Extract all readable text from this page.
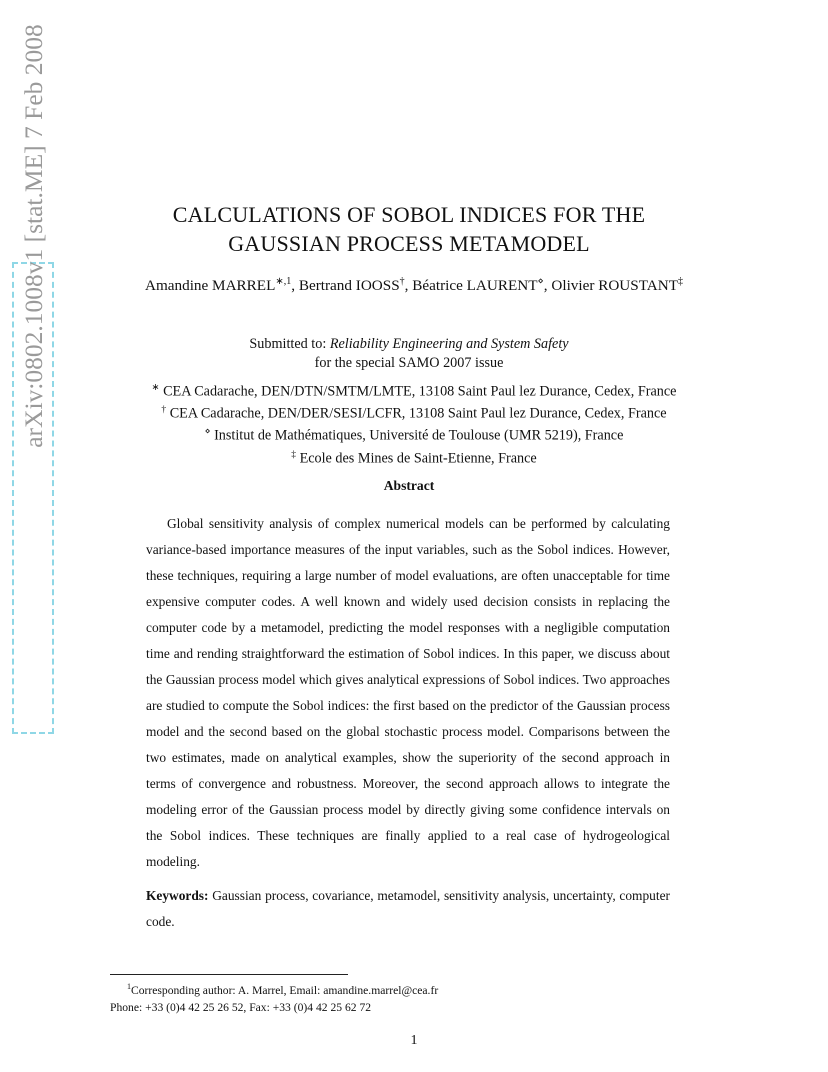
arXiv:0802.1008v1 [stat.ME] 7 Feb 2008	CALCULATIONS OF SOBOL INDICES FOR THE
GAUSSIAN PROCESS METAMODEL
Amandine $MARREL^{∗,1}$, Bertrand IOOSS†, Béatrice LAURENT⋄, Olivier ROUSTANT‡
Submitted to: Reliability Engineering and System Safety
for the special SAMO 2007 issue
∗ CEA Cadarache, DEN/DTN/SMTM/LMTE, 13108 Saint Paul lez Durance, Cedex, France
† CEA Cadarache, DEN/DER/SESI/LCFR, 13108 Saint Paul lez Durance, Cedex, France
⋄ Institut de Mathématiques, Université de Toulouse (UMR 5219), France
‡ Ecole des Mines de Saint-Etienne, France
Abstract

Global sensitivity analysis of complex numerical models can be performed by calculating variance-based importance measures of the input variables, such as the Sobol indices. However, these techniques, requiring a large number of model evaluations, are often unacceptable for time expensive computer codes. A well known and widely used decision consists in replacing the computer code by a metamodel, predicting the model responses with a negligible computation time and rending straightforward the estimation of Sobol indices. In this paper, we discuss about the Gaussian process model which gives analytical expressions of Sobol indices. Two approaches are studied to compute the Sobol indices: the first based on the predictor of the Gaussian process model and the second based on the global stochastic process model. Comparisons between the two estimates, made on analytical examples, show the superiority of the second approach in terms of convergence and robustness. Moreover, the second approach allows to integrate the modeling error of the Gaussian process model by directly giving some confidence intervals on the Sobol indices. These techniques are finally applied to a real case of hydrogeological modeling.

Keywords: Gaussian process, covariance, metamodel, sensitivity analysis, uncertainty, computer code.

$^1$Corresponding author: A. Marrel, Email: amandine.marrel@cea.fr
Phone: +33 (0)4 42 25 26 52, Fax: +33 (0)4 42 25 62 72
1
